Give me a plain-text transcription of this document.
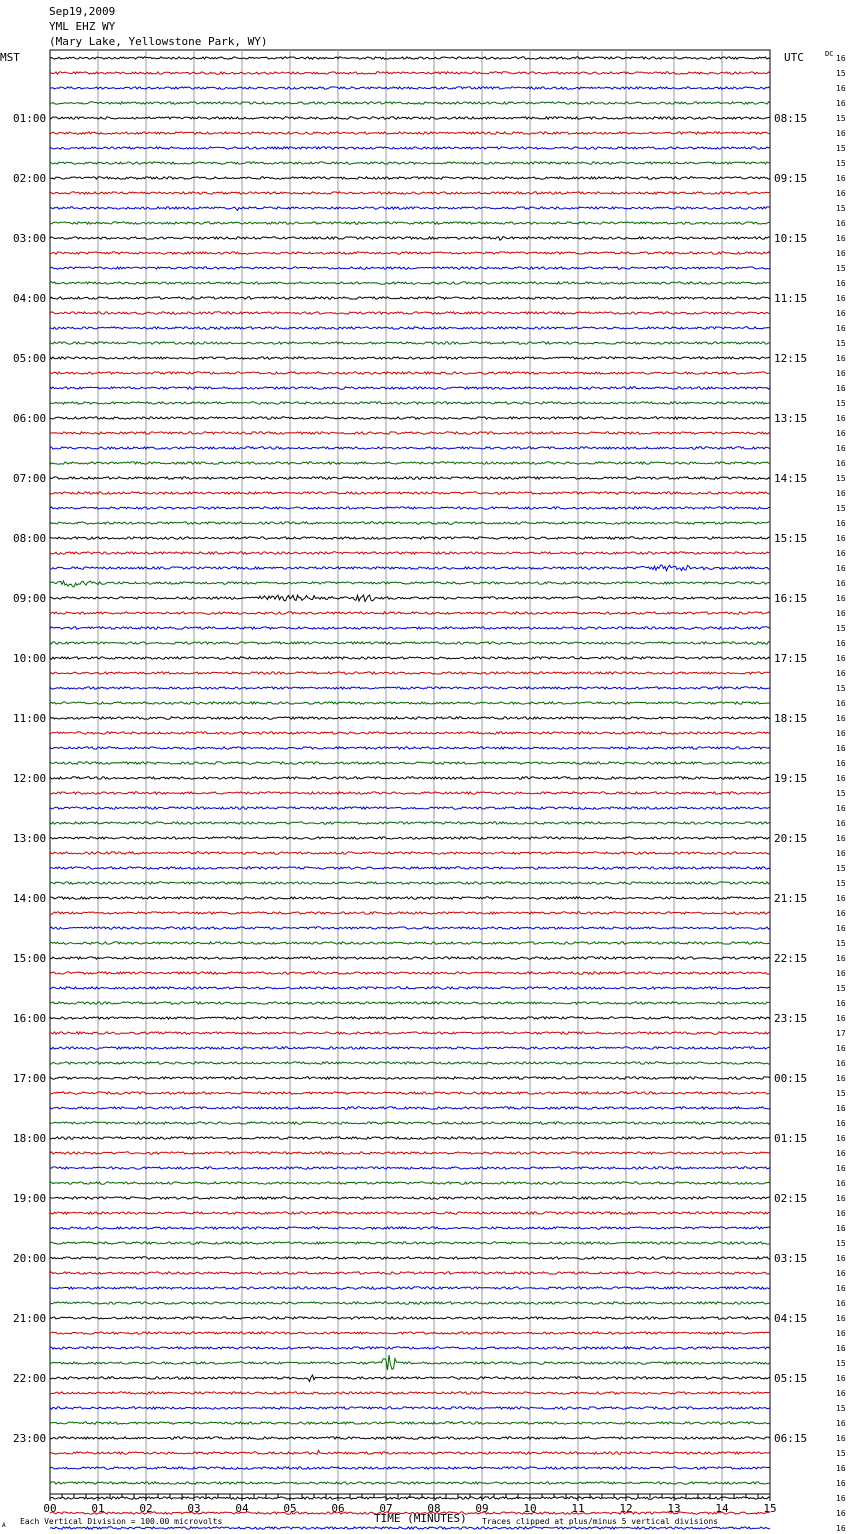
Sep19,2009
YML EHZ WY
(Mary Lake, Yellowstone Park, WY)
MST	UTC	DC
00	01	02	03	04	05	06	07	08	09	10	11	12	13	14	15
16
15
16
16
15
16
15
15
16
16
15
16
16
16
15
16
16
16
16
15
16
16
16
15
16
16
16
16
15
16
15
16
16
16
16
16
16
16
15
16
16
16
15
16
16
16
16
16
16
15
16
16
16
16
15
15
16
16
16
15
16
16
15
16
16
17
16
16
16
15
16
16
16
16
16
16
16
16
16
15
16
16
16
16
16
16
16
15
16
16
15
16
16
15
16
16
16
16
16
01:00
02:00
03:00
04:00
05:00
06:00
07:00
08:00
09:00
10:00
11:00
12:00
13:00
14:00
15:00
16:00
17:00
18:00
19:00
20:00
21:00
22:00
23:00
08:15
09:15
10:15
11:15
12:15
13:15
14:15
15:15
16:15
17:15
18:15
19:15
20:15
21:15
22:15
23:15
00:15
01:15
02:15
03:15
04:15
05:15
06:15
A Each Vertical Division = 100.00 microvolts	TIME (MINUTES) Traces clipped at plus/minus 5 vertical divisions
